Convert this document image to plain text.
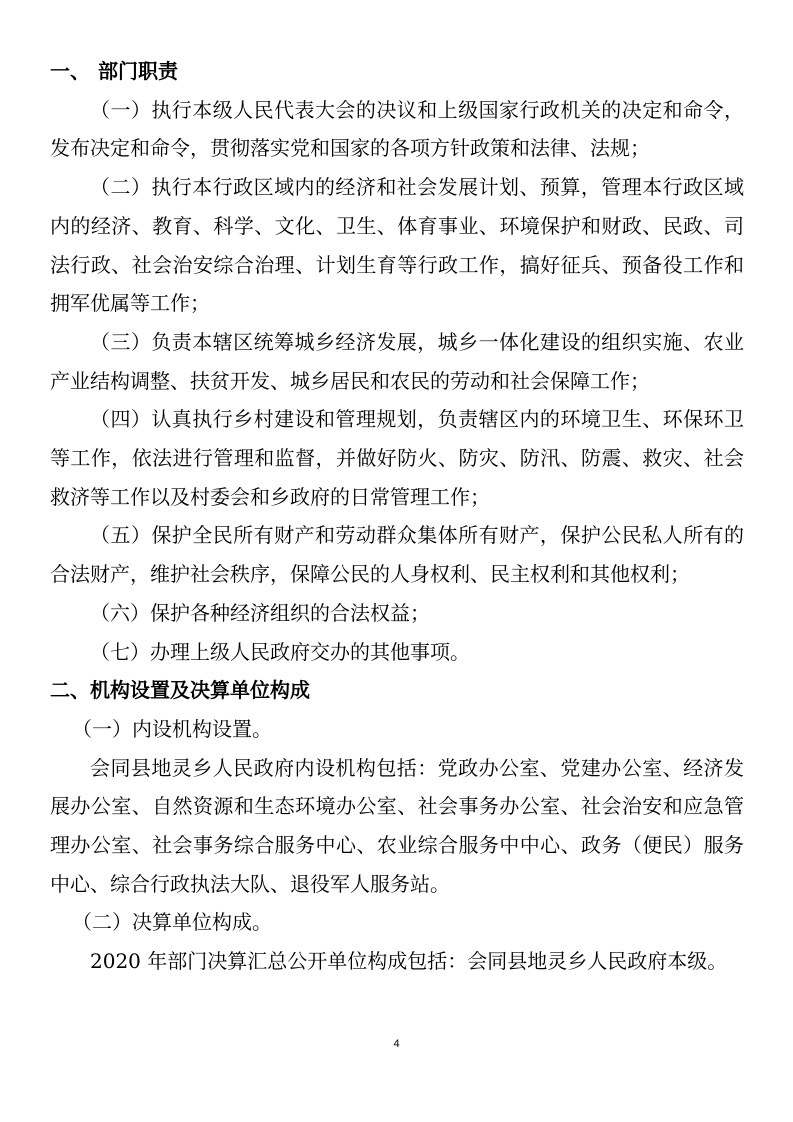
一、 部门职责

（一）执行本级人民代表大会的决议和上级国家行政机关的决定和命令，发布决定和命令，贯彻落实党和国家的各项方针政策和法律、法规；

（二）执行本行政区域内的经济和社会发展计划、预算，管理本行政区域内的经济、教育、科学、文化、卫生、体育事业、环境保护和财政、民政、司法行政、社会治安综合治理、计划生育等行政工作，搞好征兵、预备役工作和拥军优属等工作；

（三）负责本辖区统筹城乡经济发展，城乡一体化建设的组织实施、农业产业结构调整、扶贫开发、城乡居民和农民的劳动和社会保障工作；

（四）认真执行乡村建设和管理规划，负责辖区内的环境卫生、环保环卫等工作，依法进行管理和监督，并做好防火、防灾、防汛、防震、救灾、社会救济等工作以及村委会和乡政府的日常管理工作；

（五）保护全民所有财产和劳动群众集体所有财产，保护公民私人所有的合法财产，维护社会秩序，保障公民的人身权利、民主权利和其他权利；

（六）保护各种经济组织的合法权益；

（七）办理上级人民政府交办的其他事项。

二、机构设置及决算单位构成

（一）内设机构设置。

会同县地灵乡人民政府内设机构包括：党政办公室、党建办公室、经济发展办公室、自然资源和生态环境办公室、社会事务办公室、社会治安和应急管理办公室、社会事务综合服务中心、农业综合服务中中心、政务（便民）服务中心、综合行政执法大队、退役军人服务站。

（二）决算单位构成。

2020 年部门决算汇总公开单位构成包括：会同县地灵乡人民政府本级。

4
